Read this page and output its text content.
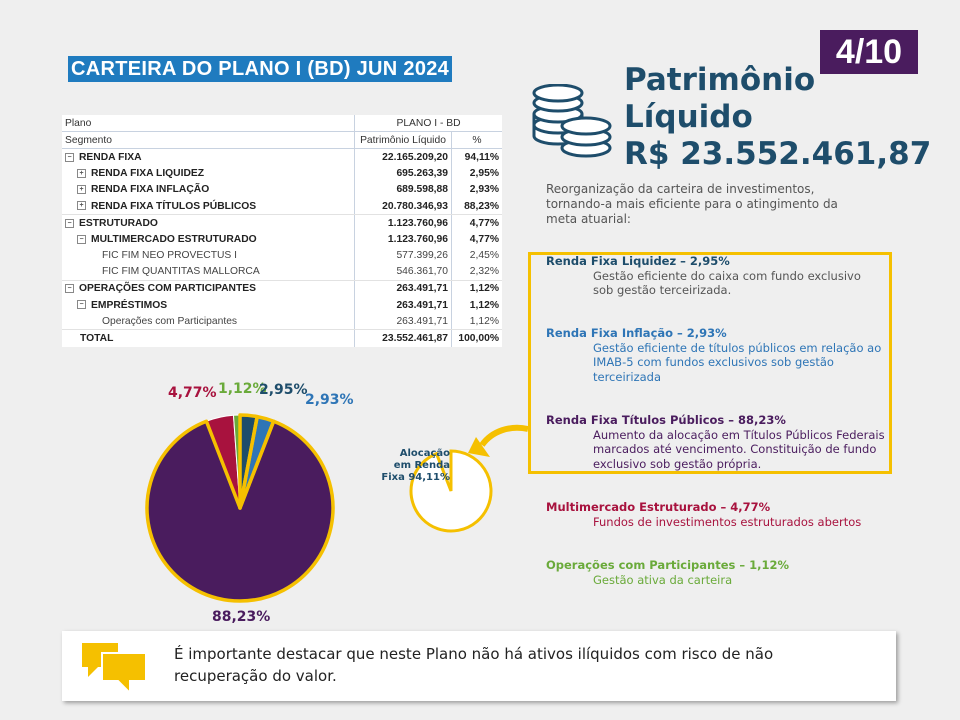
CARTEIRA DO PLANO I (BD) JUN 2024	4/10
Patrimônio
Líquido
R$ 23.552.461,87
Reorganização da carteira de investimentos, tornando-a mais eficiente para o atingimento da meta atuarial:
Plano	PLANO I - BD	
Segmento	Patrimônio Líquido	%
− RENDA FIXA	22.165.209,20	94,11%
+ RENDA FIXA LIQUIDEZ	695.263,39	2,95%
+ RENDA FIXA INFLAÇÃO	689.598,88	2,93%
+ RENDA FIXA TÍTULOS PÚBLICOS	20.780.346,93	88,23%
− ESTRUTURADO	1.123.760,96	4,77%
− MULTIMERCADO ESTRUTURADO	1.123.760,96	4,77%
FIC FIM NEO PROVECTUS I	577.399,26	2,45%
FIC FIM QUANTITAS MALLORCA	546.361,70	2,32%
− OPERAÇÕES COM PARTICIPANTES	263.491,71	1,12%
− EMPRÉSTIMOS	263.491,71	1,12%
Operações com Participantes	263.491,71	1,12%
TOTAL	23.552.461,87	100,00%
4,77% 1,12%
2,95%
2,93%
88,23%
Alocação em Renda Fixa 94,11%
Renda Fixa Liquidez – 2,95%
Gestão eficiente do caixa com fundo exclusivo sob gestão terceirizada.
Renda Fixa Inflação – 2,93%
Gestão eficiente de títulos públicos em relação ao IMAB-5 com fundos exclusivos sob gestão terceirizada
Renda Fixa Títulos Públicos – 88,23%
Aumento da alocação em Títulos Públicos Federais marcados até vencimento. Constituição de fundo exclusivo sob gestão própria.
Multimercado Estruturado – 4,77%
Fundos de investimentos estruturados abertos
Operações com Participantes – 1,12%
Gestão ativa da carteira
É importante destacar que neste Plano não há ativos ilíquidos com risco de não recuperação do valor.
